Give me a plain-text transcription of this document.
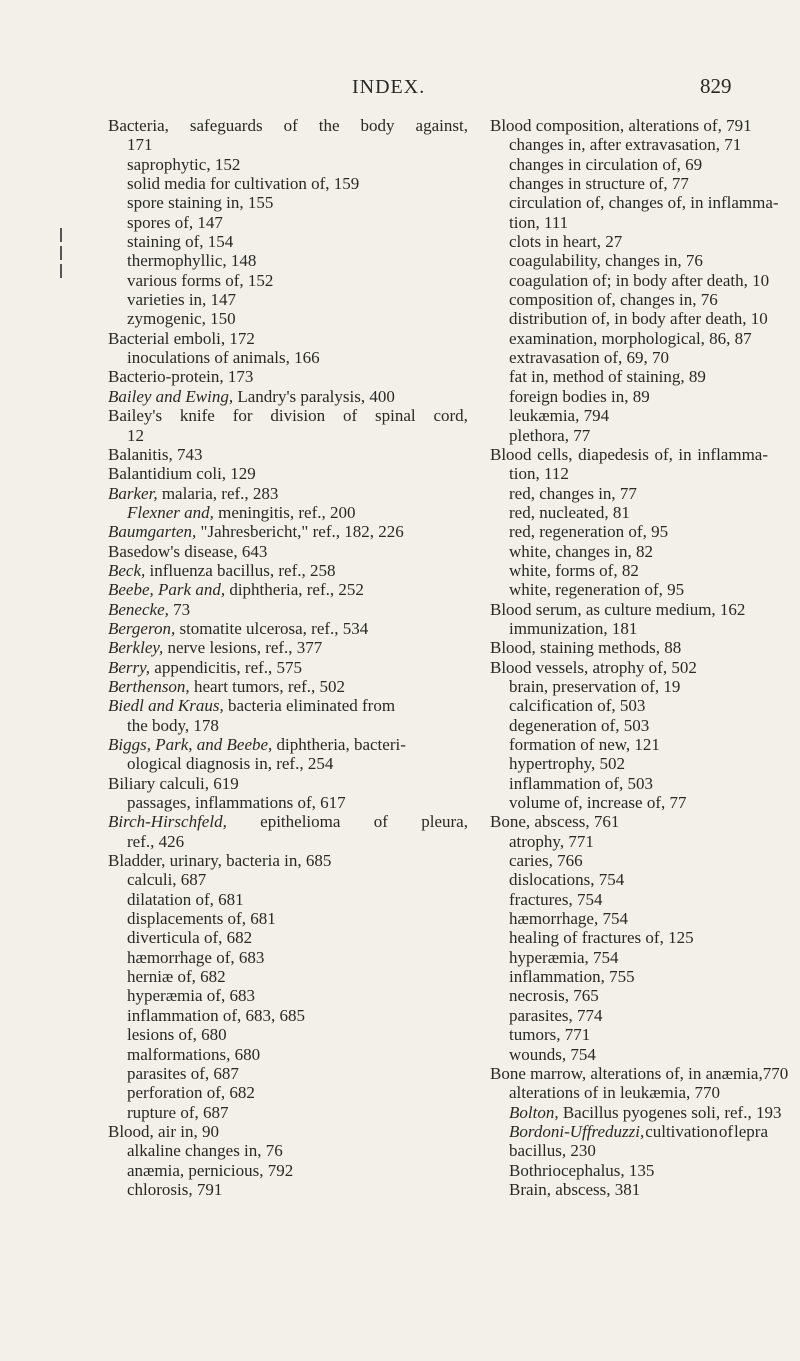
INDEX.	829
Bacteria, safeguards of the body against,
171
saprophytic, 152
solid media for cultivation of, 159
spore staining in, 155
spores of, 147
staining of, 154
thermophyllic, 148
various forms of, 152
varieties in, 147
zymogenic, 150
Bacterial emboli, 172
inoculations of animals, 166
Bacterio-protein, 173
Bailey and Ewing, Landry's paralysis, 400
Bailey's knife for division of spinal cord,
12
Balanitis, 743
Balantidium coli, 129
Barker, malaria, ref., 283
Flexner and, meningitis, ref., 200
Baumgarten, "Jahresbericht," ref., 182, 226
Basedow's disease, 643
Beck, influenza bacillus, ref., 258
Beebe, Park and, diphtheria, ref., 252
Benecke, 73
Bergeron, stomatite ulcerosa, ref., 534
Berkley, nerve lesions, ref., 377
Berry, appendicitis, ref., 575
Berthenson, heart tumors, ref., 502
Biedl and Kraus, bacteria eliminated from
the body, 178
Biggs, Park, and Beebe, diphtheria, bacteri-
ological diagnosis in, ref., 254
Biliary calculi, 619
passages, inflammations of, 617
Birch-Hirschfeld, epithelioma of pleura,
ref., 426
Bladder, urinary, bacteria in, 685
calculi, 687
dilatation of, 681
displacements of, 681
diverticula of, 682
hæmorrhage of, 683
herniæ of, 682
hyperæmia of, 683
inflammation of, 683, 685
lesions of, 680
malformations, 680
parasites of, 687
perforation of, 682
rupture of, 687
Blood, air in, 90
alkaline changes in, 76
anæmia, pernicious, 792
chlorosis, 791
Blood composition, alterations of, 791
changes in, after extravasation, 71
changes in circulation of, 69
changes in structure of, 77
circulation of, changes of, in inflamma-
tion, 111
clots in heart, 27
coagulability, changes in, 76
coagulation of; in body after death, 10
composition of, changes in, 76
distribution of, in body after death, 10
examination, morphological, 86, 87
extravasation of, 69, 70
fat in, method of staining, 89
foreign bodies in, 89
leukæmia, 794
plethora, 77
Blood cells, diapedesis of, in inflamma-
tion, 112
red, changes in, 77
red, nucleated, 81
red, regeneration of, 95
white, changes in, 82
white, forms of, 82
white, regeneration of, 95
Blood serum, as culture medium, 162
immunization, 181
Blood, staining methods, 88
Blood vessels, atrophy of, 502
brain, preservation of, 19
calcification of, 503
degeneration of, 503
formation of new, 121
hypertrophy, 502
inflammation of, 503
volume of, increase of, 77
Bone, abscess, 761
atrophy, 771
caries, 766
dislocations, 754
fractures, 754
hæmorrhage, 754
healing of fractures of, 125
hyperæmia, 754
inflammation, 755
necrosis, 765
parasites, 774
tumors, 771
wounds, 754
Bone marrow, alterations of, in anæmia,770
alterations of in leukæmia, 770
Bolton, Bacillus pyogenes soli, ref., 193
Bordoni-Uffreduzzi, cultivation of lepra
bacillus, 230
Bothriocephalus, 135
Brain, abscess, 381
